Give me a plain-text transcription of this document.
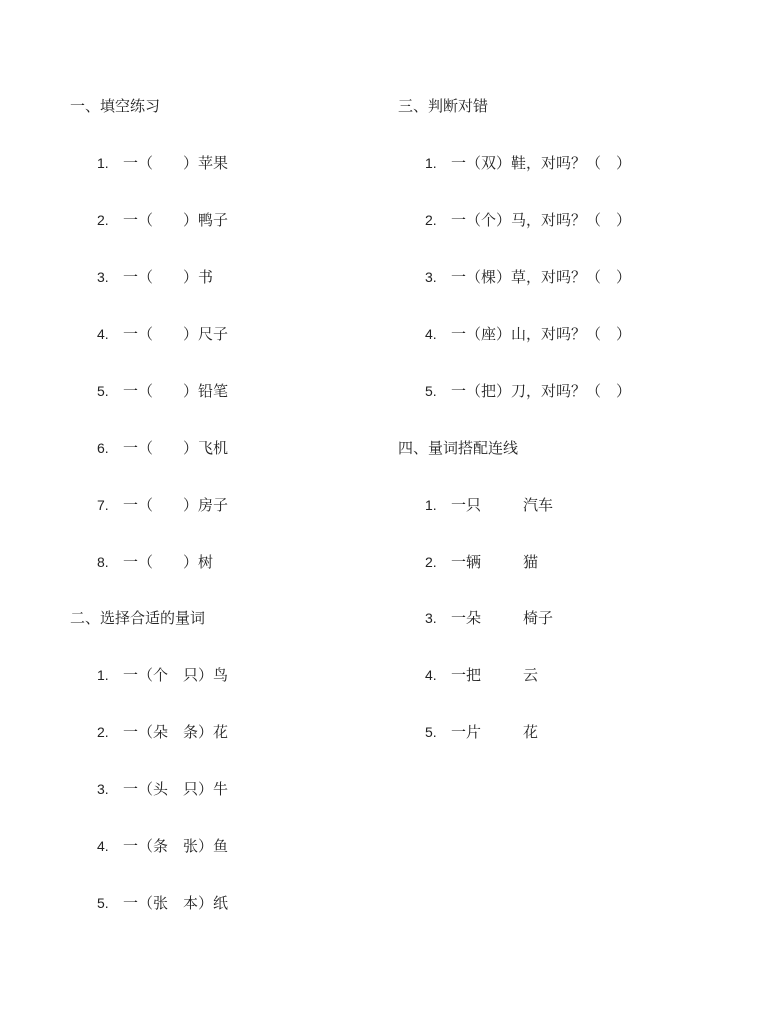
一、填空练习
1. 一（　　）苹果
2. 一（　　）鸭子
3. 一（　　）书
4. 一（　　）尺子
5. 一（　　）铅笔
6. 一（　　）飞机
7. 一（　　）房子
8. 一（　　）树
二、选择合适的量词
1. 一（个　只）鸟
2. 一（朵　条）花
3. 一（头　只）牛
4. 一（条　张）鱼
5. 一（张　本）纸
三、判断对错
1. 一（双）鞋，对吗？（　）
2. 一（个）马，对吗？（　）
3. 一（棵）草，对吗？（　）
4. 一（座）山，对吗？（　）
5. 一（把）刀，对吗？（　）
四、量词搭配连线
1. 一只	汽车
2. 一辆	猫
3. 一朵	椅子
4. 一把	云
5. 一片	花
